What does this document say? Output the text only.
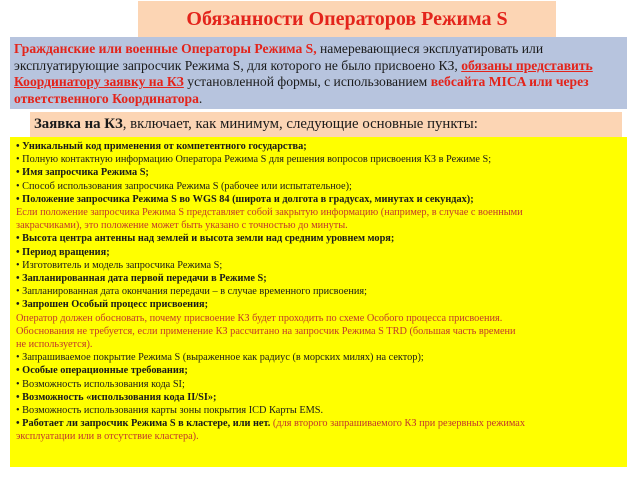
Обязанности Операторов Режима S
Гражданские или военные Операторы Режима S, намеревающиеся эксплуатировать или эксплуатирующие запросчик Режима S, для которого не было присвоено КЗ, обязаны представить Координатору заявку на КЗ установленной формы, с использованием вебсайта MICA или через ответственного Координатора.
Заявка на КЗ, включает, как минимум, следующие основные пункты:
• Уникальный код применения от компетентного государства;
• Полную контактную информацию Оператора Режима S для решения вопросов присвоения КЗ в Режиме S;
• Имя запросчика Режима S;
• Способ использования запросчика Режима S (рабочее или испытательное);
• Положение запросчика Режима S во WGS 84 (широта и долгота в градусах, минутах и секундах);
Если положение запросчика Режима S представляет собой закрытую информацию (например, в случае с военными
закрасчиками), это положение может быть указано с точностью до минуты.
• Высота центра антенны над землей и высота земли над средним уровнем моря;
• Период вращения;
• Изготовитель и модель запросчика Режима S;
• Запланированная дата первой передачи в Режиме S;
• Запланированная дата окончания передачи – в случае временного присвоения;
• Запрошен Особый процесс присвоения;
Оператор должен обосновать, почему присвоение КЗ будет проходить по схеме Особого процесса присвоения.
Обоснования не требуется, если применение КЗ рассчитано на запросчик Режима S TRD (большая часть времени
не используется).
• Запрашиваемое покрытие Режима S (выраженное как радиус (в морских милях) на сектор);
• Особые операционные требования;
• Возможность использования кода SI;
• Возможность «использования кода II/SI»;
• Возможность использования карты зоны покрытия ICD Карты EMS.
• Работает ли запросчик Режима S в кластере, или нет. (для второго запрашиваемого КЗ при резервных режимах
эксплуатации или в отсутствие кластера).
